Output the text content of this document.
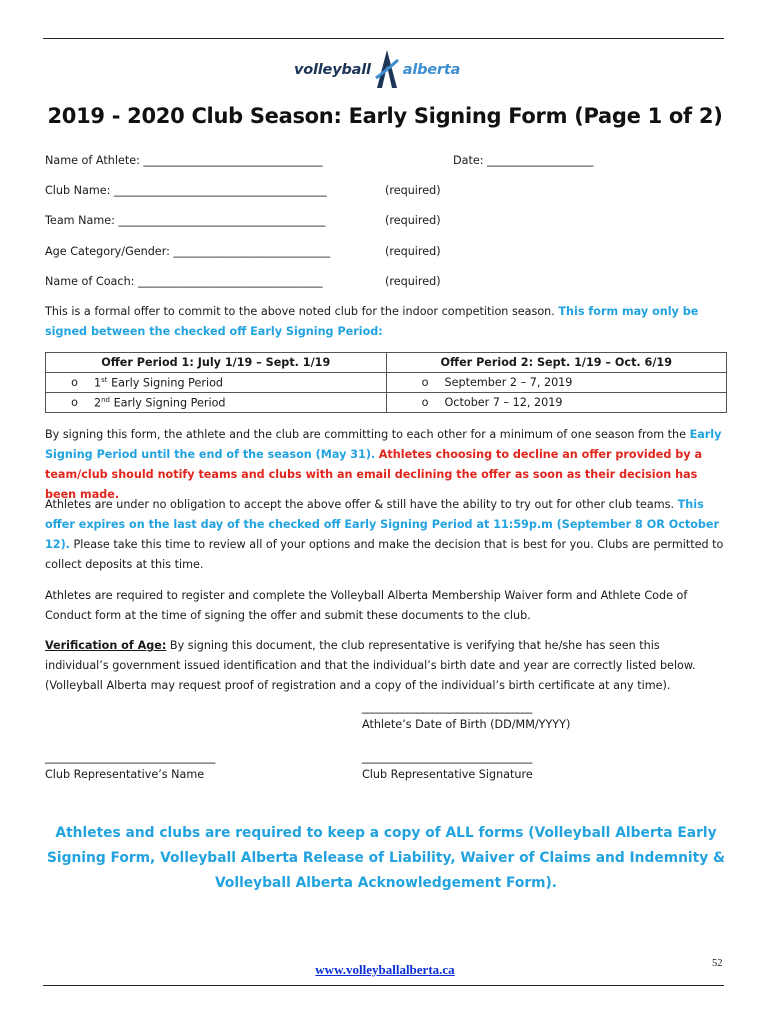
volleyball alberta
2019 - 2020 Club Season: Early Signing Form (Page 1 of 2)
Name of Athlete: ________________________________	Date: ___________________
Club Name: ______________________________________	(required)
Team Name: _____________________________________	(required)
Age Category/Gender: ____________________________	(required)
Name of Coach: _________________________________	(required)
This is a formal offer to commit to the above noted club for the indoor competition season. This form may only be signed between the checked off Early Signing Period:
Offer Period 1: July 1/19 – Sept. 1/19	Offer Period 2: Sept. 1/19 – Oct. 6/19

o 1st Early Signing Period	o September 2 – 7, 2019

o 2nd Early Signing Period	o October 7 – 12, 2019
By signing this form, the athlete and the club are committing to each other for a minimum of one season from the Early Signing Period until the end of the season (May 31). Athletes choosing to decline an offer provided by a team/club should notify teams and clubs with an email declining the offer as soon as their decision has been made.
Athletes are under no obligation to accept the above offer & still have the ability to try out for other club teams. This offer expires on the last day of the checked off Early Signing Period at 11:59p.m (September 8 OR October 12). Please take this time to review all of your options and make the decision that is best for you. Clubs are permitted to collect deposits at this time.
Athletes are required to register and complete the Volleyball Alberta Membership Waiver form and Athlete Code of Conduct form at the time of signing the offer and submit these documents to the club.
Verification of Age: By signing this document, the club representative is verifying that he/she has seen this individual’s government issued identification and that the individual’s birth date and year are correctly listed below. (Volleyball Alberta may request proof of registration and a copy of the individual’s birth certificate at any time).
__________________________________
Athlete’s Date of Birth (DD/MM/YYYY)
__________________________________	__________________________________
Club Representative’s Name	Club Representative Signature
Athletes and clubs are required to keep a copy of ALL forms (Volleyball Alberta Early Signing Form, Volleyball Alberta Release of Liability, Waiver of Claims and Indemnity & Volleyball Alberta Acknowledgement Form).
52
www.volleyballalberta.ca
